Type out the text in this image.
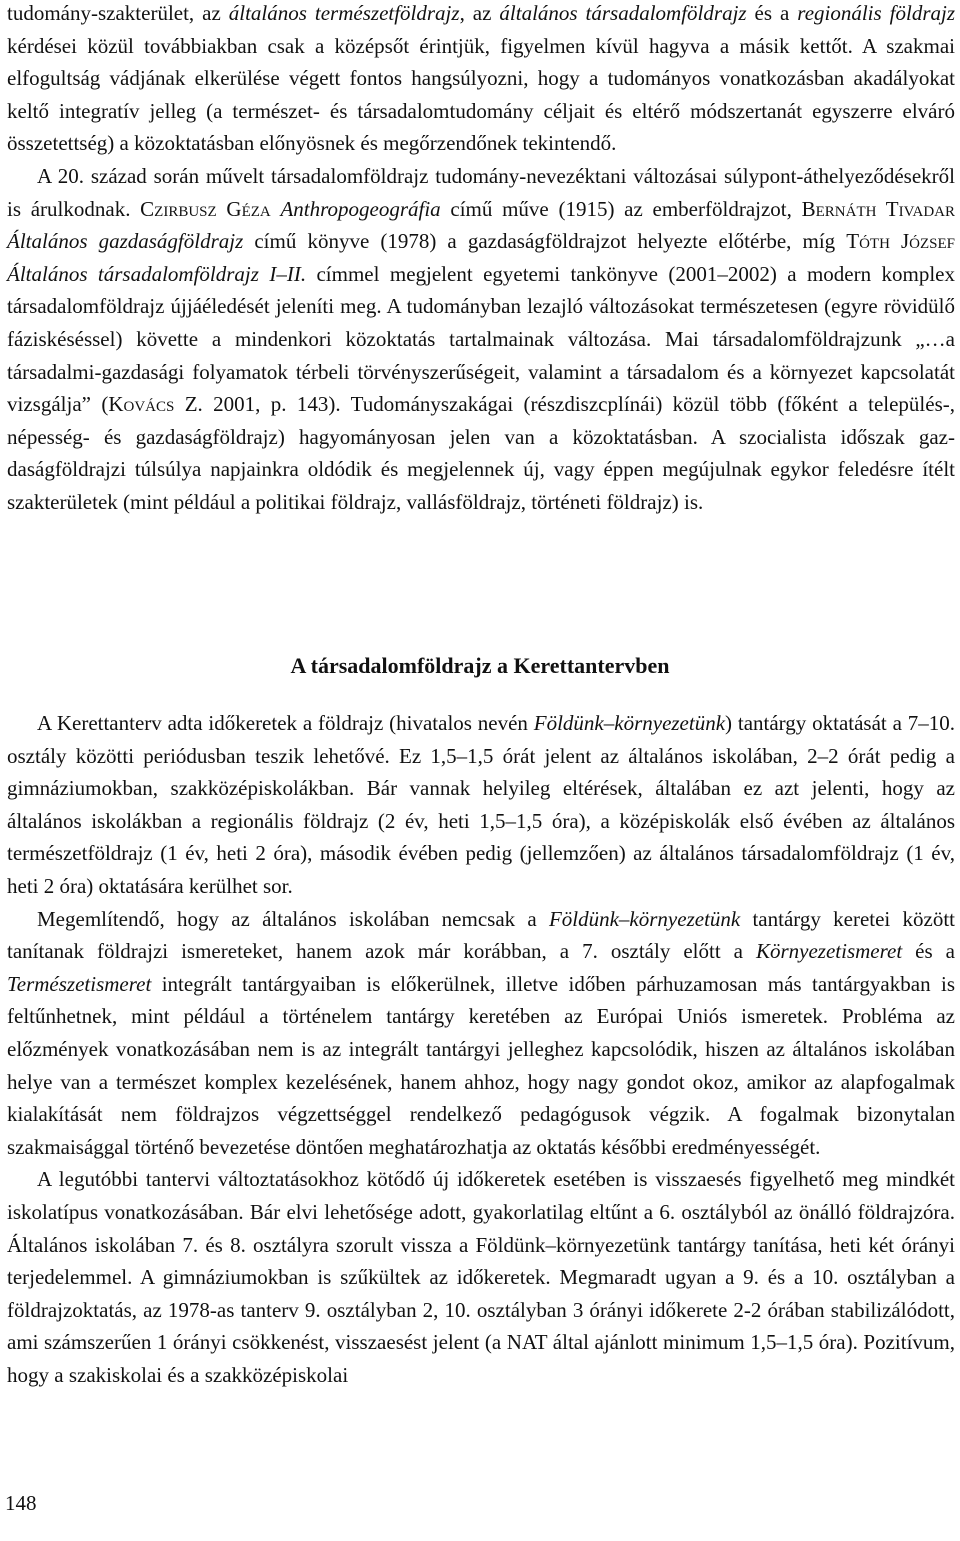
tudomány-szakterület, az általános természetföldrajz, az általános társadalomföldrajz és a regionális földrajz kérdései közül továbbiakban csak a középsőt érintjük, figyelmen kívül hagyva a másik kettőt. A szakmai elfogultság vádjának elkerülése végett fontos hangsúlyozni, hogy a tudományos vonatkozásban akadályokat keltő integratív jelleg (a természet- és társadalomtudomány céljait és eltérő módszertanát egyszerre elváró összetettség) a közoktatásban előnyösnek és megőrzendőnek tekintendő.

A 20. század során művelt társadalomföldrajz tudomány-nevezéktani változásai súlypont-áthelyeződésekről is árulkodnak. Czirbusz Géza Anthropogeográfia című műve (1915) az emberföldrajzot, Bernáth Tivadar Általános gazdaságföldrajz című könyve (1978) a gazdaságföldrajzot helyezte előtérbe, míg Tóth József Általános társadalomföldrajz I–II. címmel megjelent egyetemi tankönyve (2001–2002) a modern komplex társadalomföldrajz újjáéledését jeleníti meg. A tudományban lezajló változásokat természetesen (egyre rövidülő fáziskéséssel) követte a mindenkori közoktatás tartalmainak változása. Mai társadalomföldrajzunk „…a társadalmi-gazdasági folyamatok térbeli törvényszerűségeit, valamint a társadalom és a környezet kapcsolatát vizsgálja” (Kovács Z. 2001, p. 143). Tudományszakágai (részdiszcplínái) közül több (főként a település-, népesség- és gazdaságföldrajz) hagyományosan jelen van a közoktatásban. A szocialista időszak gazdaságföldrajzi túlsúlya napjainkra oldódik és megjelennek új, vagy éppen megújulnak egykor feledésre ítélt szakterületek (mint például a politikai földrajz, vallásföldrajz, történeti földrajz) is.

A társadalomföldrajz a Kerettantervben

A Kerettanterv adta időkeretek a földrajz (hivatalos nevén Földünk–környezetünk) tantárgy oktatását a 7–10. osztály közötti periódusban teszik lehetővé. Ez 1,5–1,5 órát jelent az általános iskolában, 2–2 órát pedig a gimnáziumokban, szakközépiskolákban. Bár vannak helyileg eltérések, általában ez azt jelenti, hogy az általános iskolákban a regionális földrajz (2 év, heti 1,5–1,5 óra), a középiskolák első évében az általános természetföldrajz (1 év, heti 2 óra), második évében pedig (jellemzően) az általános társadalomföldrajz (1 év, heti 2 óra) oktatására kerülhet sor.

Megemlítendő, hogy az általános iskolában nemcsak a Földünk–környezetünk tantárgy keretei között tanítanak földrajzi ismereteket, hanem azok már korábban, a 7. osztály előtt a Környezetismeret és a Természetismeret integrált tantárgyaiban is előkerülnek, illetve időben párhuzamosan más tantárgyakban is feltűnhetnek, mint például a történelem tantárgy keretében az Európai Uniós ismeretek. Probléma az előzmények vonatkozásában nem is az integrált tantárgyi jelleghez kapcsolódik, hiszen az általános iskolában helye van a természet komplex kezelésének, hanem ahhoz, hogy nagy gondot okoz, amikor az alapfogalmak kialakítását nem földrajzos végzettséggel rendelkező pedagógusok végzik. A fogalmak bizonytalan szakmaisággal történő bevezetése döntően meghatározhatja az oktatás későbbi eredményességét.

A legutóbbi tantervi változtatásokhoz kötődő új időkeretek esetében is visszaesés figyelhető meg mindkét iskolatípus vonatkozásában. Bár elvi lehetősége adott, gyakorlatilag eltűnt a 6. osztályból az önálló földrajzóra. Általános iskolában 7. és 8. osztályra szorult vissza a Földünk–környezetünk tantárgy tanítása, heti két órányi terjedelemmel. A gimnáziumokban is szűkültek az időkeretek. Megmaradt ugyan a 9. és a 10. osztályban a földrajzoktatás, az 1978-as tanterv 9. osztályban 2, 10. osztályban 3 órányi időkerete 2-2 órában stabilizálódott, ami számszerűen 1 órányi csökkenést, visszaesést jelent (a NAT által ajánlott minimum 1,5–1,5 óra). Pozitívum, hogy a szakiskolai és a szakközépiskolai

148
